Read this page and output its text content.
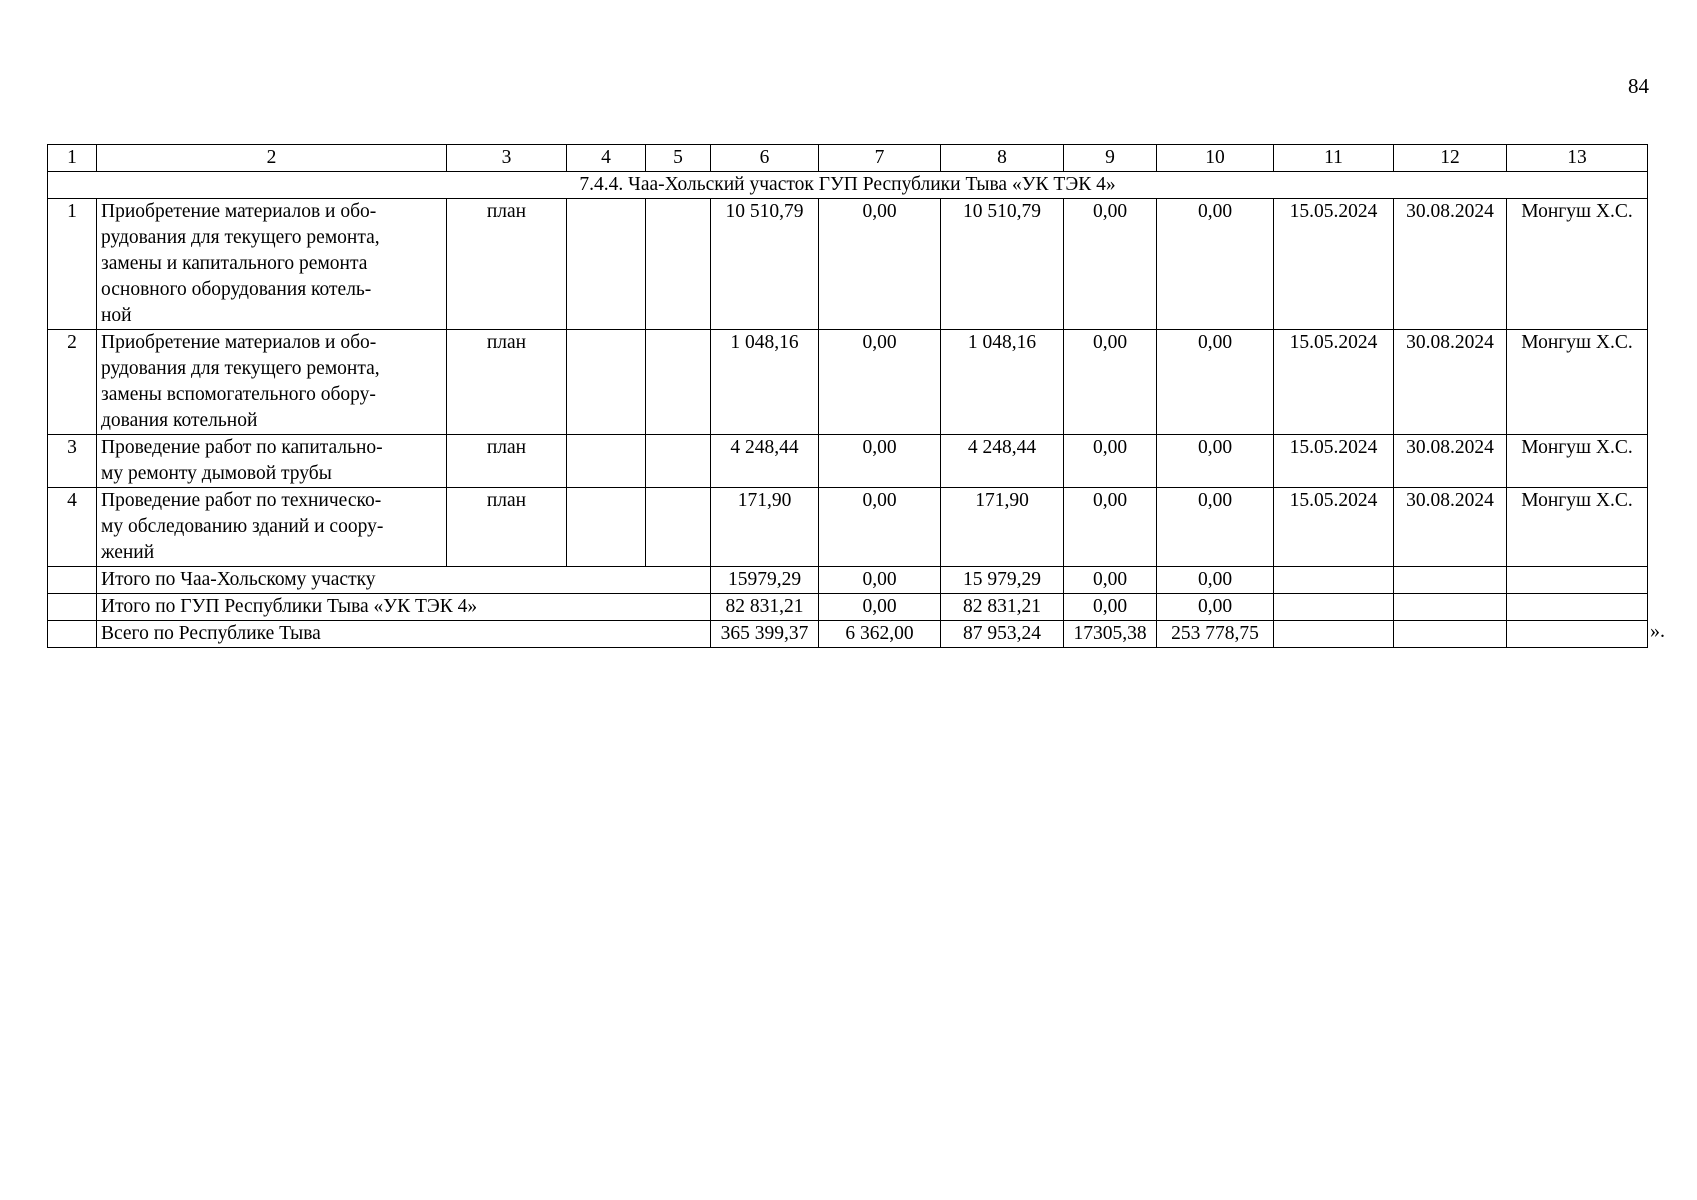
84
1	2	3	4	5	6	7	8	9	10	11	12	13
7.4.4. Чаа-Хольский участок ГУП Республики Тыва «УК ТЭК 4»												
1	Приобретение материалов и обо-
рудования для текущего ремонта,
замены и капитального ремонта
основного оборудования котель-
ной	план			10 510,79	0,00	10 510,79	0,00	0,00	15.05.2024	30.08.2024	Монгуш Х.С.
2	Приобретение материалов и обо-
рудования для текущего ремонта,
замены вспомогательного обору-
дования котельной	план			1 048,16	0,00	1 048,16	0,00	0,00	15.05.2024	30.08.2024	Монгуш Х.С.
3	Проведение работ по капитально-
му ремонту дымовой трубы	план			4 248,44	0,00	4 248,44	0,00	0,00	15.05.2024	30.08.2024	Монгуш Х.С.
4	Проведение работ по техническо-
му обследованию зданий и соору-
жений	план			171,90	0,00	171,90	0,00	0,00	15.05.2024	30.08.2024	Монгуш Х.С.
	Итого по Чаа-Хольскому участку				15979,29	0,00	15 979,29	0,00	0,00			
	Итого по ГУП Республики Тыва «УК ТЭК 4»				82 831,21	0,00	82 831,21	0,00	0,00			
	Всего по Республике Тыва				365 399,37	6 362,00	87 953,24	17305,38	253 778,75				».
